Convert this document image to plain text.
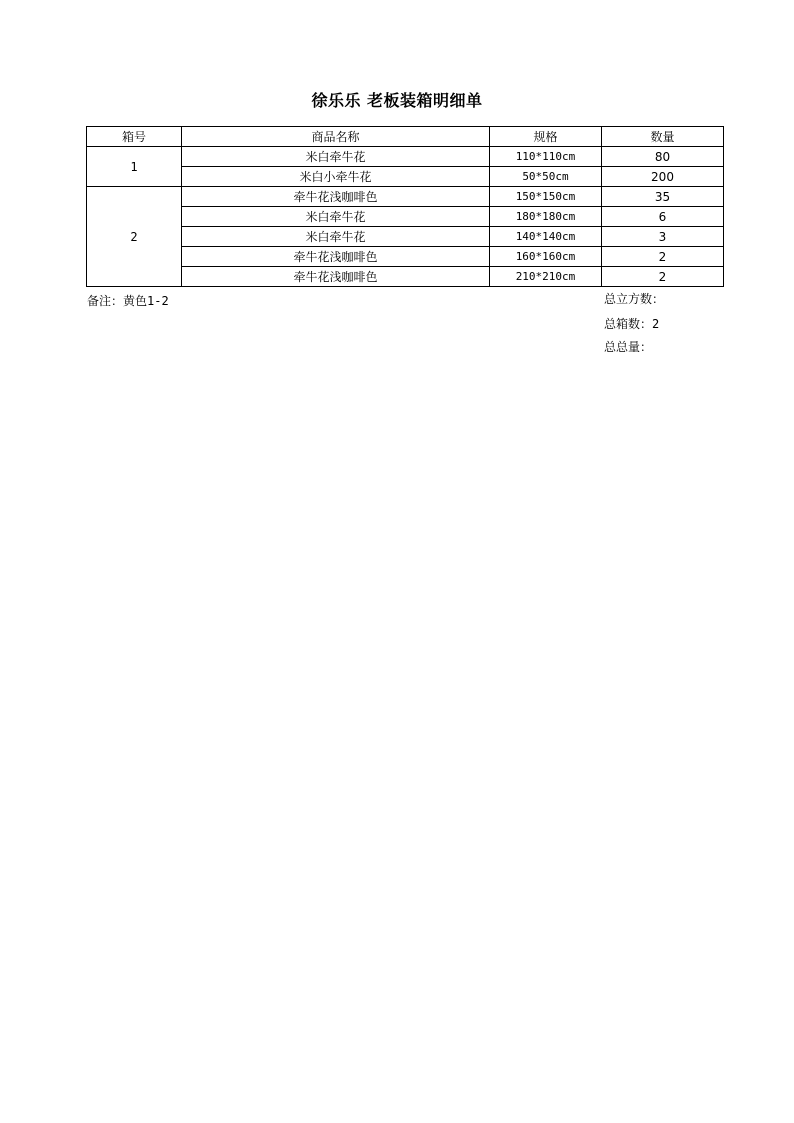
徐乐乐 老板装箱明细单
箱号	商品名称	规格	数量
1	米白牵牛花	110*110cm	80
	米白小牵牛花	50*50cm	200
2	牵牛花浅咖啡色	150*150cm	35
	米白牵牛花	180*180cm	6
	米白牵牛花	140*140cm	3
	牵牛花浅咖啡色	160*160cm	2
	牵牛花浅咖啡色	210*210cm	2
备注：黄色1-2	总立方数：
总箱数：2
总总量：
